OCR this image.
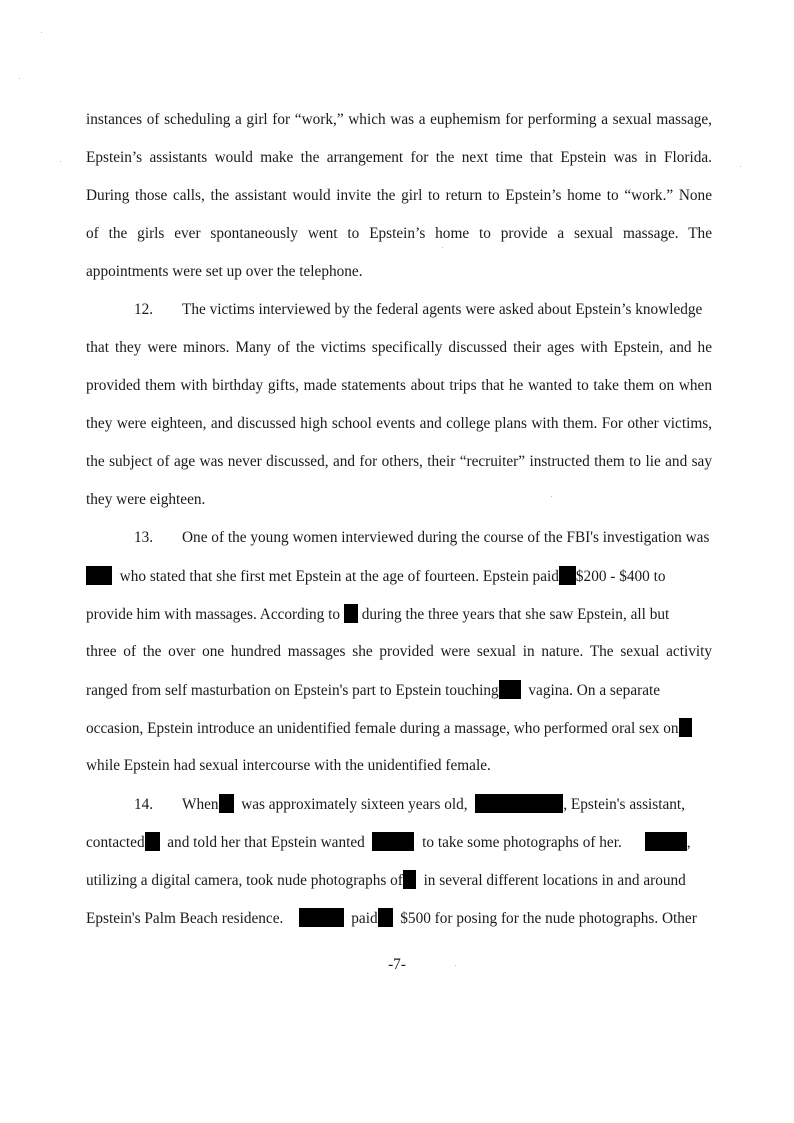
instances of scheduling a girl for “work,” which was a euphemism for performing a sexual massage,
Epstein’s assistants would make the arrangement for the next time that Epstein was in Florida.
During those calls, the assistant would invite the girl to return to Epstein’s home to “work.” None
of the girls ever spontaneously went to Epstein’s home to provide a sexual massage. The
appointments were set up over the telephone.
12. The victims interviewed by the federal agents were asked about Epstein’s knowledge
that they were minors. Many of the victims specifically discussed their ages with Epstein, and he
provided them with birthday gifts, made statements about trips that he wanted to take them on when
they were eighteen, and discussed high school events and college plans with them. For other victims,
the subject of age was never discussed, and for others, their “recruiter” instructed them to lie and say
they were eighteen.
13. One of the young women interviewed during the course of the FBI's investigation was
who stated that she first met Epstein at the age of fourteen. Epstein paid $200 - $400 to
provide him with massages. According to during the three years that she saw Epstein, all but
three of the over one hundred massages she provided were sexual in nature. The sexual activity
ranged from self masturbation on Epstein's part to Epstein touching vagina. On a separate
occasion, Epstein introduce an unidentified female during a massage, who performed oral sex on
while Epstein had sexual intercourse with the unidentified female.
14. When was approximately sixteen years old,	, Epstein's assistant,
contacted and told her that Epstein wanted	to take some photographs of her.	,
utilizing a digital camera, took nude photographs of in several different locations in and around
Epstein's Palm Beach residence.	paid $500 for posing for the nude photographs. Other
-7-
